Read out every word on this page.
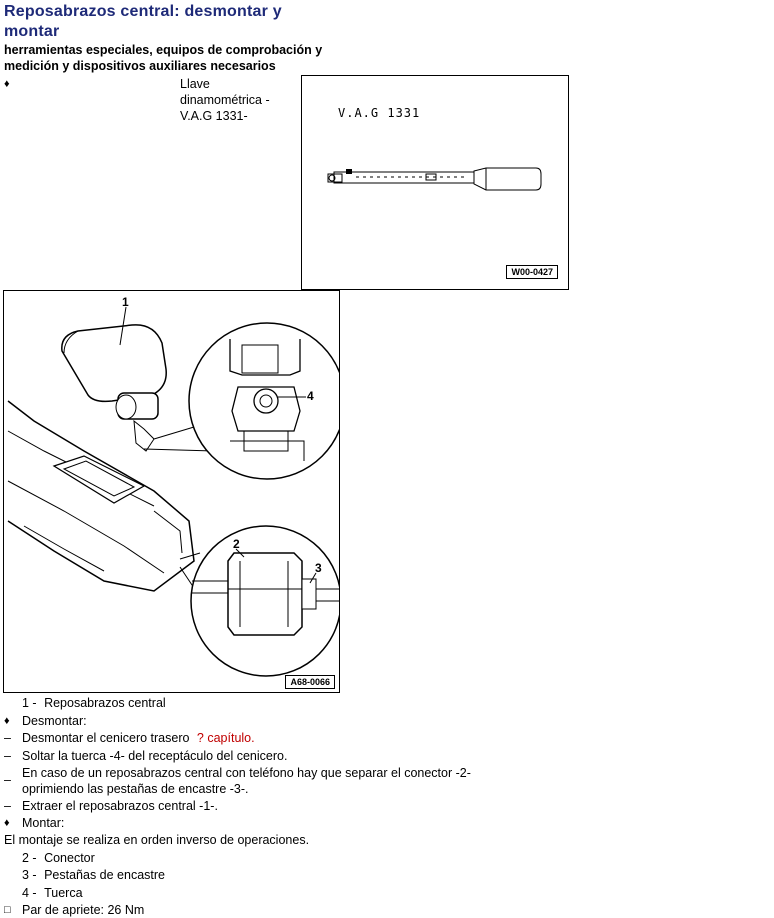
Reposabrazos central: desmontar y montar
herramientas especiales, equipos de comprobación y medición y dispositivos auxiliares necesarios
♦	Llave dinamométrica -V.A.G 1331-	V.A.G 1331
W00-0427
1
2
3
4
A68-0066
1 - Reposabrazos central
♦ Desmontar:
– Desmontar el cenicero trasero ? capítulo.
– Soltar la tuerca -4- del receptáculo del cenicero.
– En caso de un reposabrazos central con teléfono hay que separar el conector -2- oprimiendo las pestañas de encastre -3-.
– Extraer el reposabrazos central -1-.
♦ Montar:
El montaje se realiza en orden inverso de operaciones.
2 - Conector
3 - Pestañas de encastre
4 - Tuerca
□ Par de apriete: 26 Nm
